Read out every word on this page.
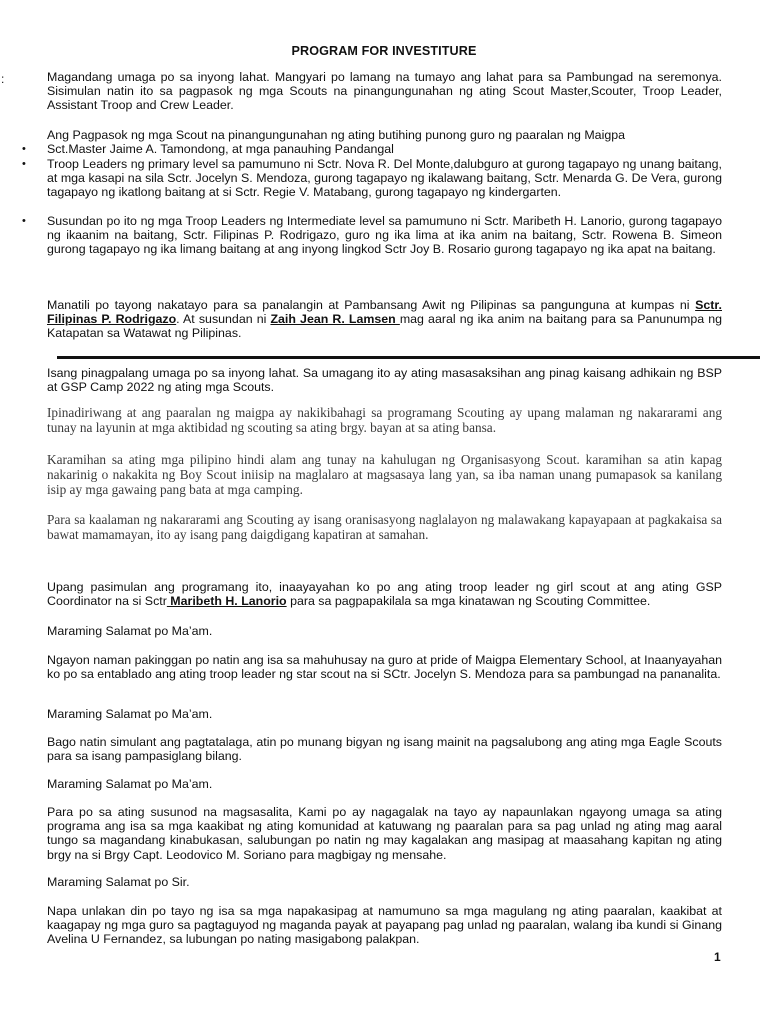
PROGRAM FOR INVESTITURE
:	Magandang umaga po sa inyong lahat. Mangyari po lamang na tumayo ang lahat para sa Pambungad na seremonya. Sisimulan natin ito sa pagpasok ng mga Scouts na pinangungunahan ng ating Scout Master,Scouter, Troop Leader, Assistant Troop and Crew Leader.
Ang Pagpasok ng mga Scout na pinangungunahan ng ating butihing punong guro ng paaralan ng Maigpa
• Sct.Master Jaime A. Tamondong, at mga panauhing Pandangal
• Troop Leaders ng primary level sa pamumuno ni Sctr. Nova R. Del Monte,dalubguro at gurong tagapayo ng unang baitang, at mga kasapi na sila Sctr. Jocelyn S. Mendoza, gurong tagapayo ng ikalawang baitang, Sctr. Menarda G. De Vera, gurong tagapayo ng ikatlong baitang at si Sctr. Regie V. Matabang, gurong tagapayo ng kindergarten.
• Susundan po ito ng mga Troop Leaders ng Intermediate level sa pamumuno ni Sctr. Maribeth H. Lanorio, gurong tagapayo ng ikaanim na baitang, Sctr. Filipinas P. Rodrigazo, guro ng ika lima at ika anim na baitang, Sctr. Rowena B. Simeon gurong tagapayo ng ika limang baitang at ang inyong lingkod Sctr Joy B. Rosario gurong tagapayo ng ika apat na baitang.
Manatili po tayong nakatayo para sa panalangin at Pambansang Awit ng Pilipinas sa pangunguna at kumpas ni Sctr. Filipinas P. Rodrigazo. At susundan ni Zaih Jean R. Lamsen mag aaral ng ika anim na baitang para sa Panunumpa ng Katapatan sa Watawat ng Pilipinas.
Isang pinagpalang umaga po sa inyong lahat. Sa umagang ito ay ating masasaksihan ang pinag kaisang adhikain ng BSP at GSP Camp 2022 ng ating mga Scouts.
Ipinadiriwang at ang paaralan ng maigpa ay nakikibahagi sa programang Scouting ay upang malaman ng nakararami ang tunay na layunin at mga aktibidad ng scouting sa ating brgy. bayan at sa ating bansa.
Karamihan sa ating mga pilipino hindi alam ang tunay na kahulugan ng Organisasyong Scout. karamihan sa atin kapag nakarinig o nakakita ng Boy Scout iniisip na maglalaro at magsasaya lang yan, sa iba naman unang pumapasok sa kanilang isip ay mga gawaing pang bata at mga camping.
Para sa kaalaman ng nakararami ang Scouting ay isang oranisasyong naglalayon ng malawakang kapayapaan at pagkakaisa sa bawat mamamayan, ito ay isang pang daigdigang kapatiran at samahan.
Upang pasimulan ang programang ito, inaayayahan ko po ang ating troop leader ng girl scout at ang ating GSP Coordinator na si Sctr Maribeth H. Lanorio para sa pagpapakilala sa mga kinatawan ng Scouting Committee.
Maraming Salamat po Ma’am.
Ngayon naman pakinggan po natin ang isa sa mahuhusay na guro at pride of Maigpa Elementary School, at Inaanyayahan ko po sa entablado ang ating troop leader ng star scout na si SCtr. Jocelyn S. Mendoza para sa pambungad na pananalita.
Maraming Salamat po Ma’am.
Bago natin simulant ang pagtatalaga, atin po munang bigyan ng isang mainit na pagsalubong ang ating mga Eagle Scouts para sa isang pampasiglang bilang.
Maraming Salamat po Ma’am.
Para po sa ating susunod na magsasalita, Kami po ay nagagalak na tayo ay napaunlakan ngayong umaga sa ating programa ang isa sa mga kaakibat ng ating komunidad at katuwang ng paaralan para sa pag unlad ng ating mag aaral tungo sa magandang kinabukasan, salubungan po natin ng may kagalakan ang masipag at maasahang kapitan ng ating brgy na si Brgy Capt. Leodovico M. Soriano para magbigay ng mensahe.
Maraming Salamat po Sir.
Napa unlakan din po tayo ng isa sa mga napakasipag at namumuno sa mga magulang ng ating paaralan, kaakibat at kaagapay ng mga guro sa pagtaguyod ng maganda payak at payapang pag unlad ng paaralan, walang iba kundi si Ginang Avelina U Fernandez, sa lubungan po nating masigabong palakpan.
1
